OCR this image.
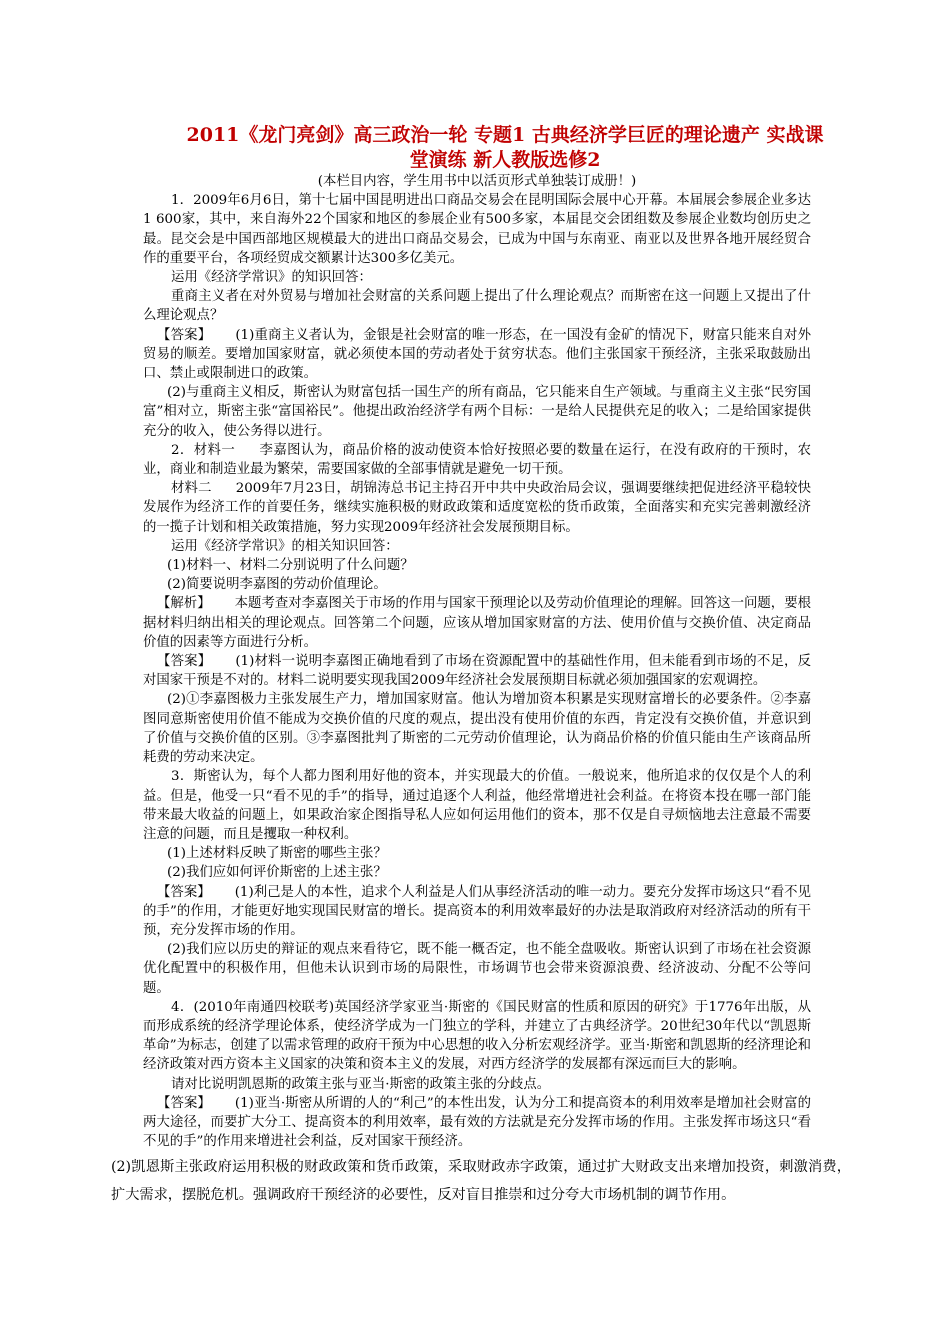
2011《龙门亮剑》高三政治一轮 专题1 古典经济学巨匠的理论遗产 实战课堂演练 新人教版选修2

(本栏目内容，学生用书中以活页形式单独装订成册！)

1．2009年6月6日，第十七届中国昆明进出口商品交易会在昆明国际会展中心开幕。本届展会参展企业多达1 600家，其中，来自海外22个国家和地区的参展企业有500多家，本届昆交会团组数及参展企业数均创历史之最。昆交会是中国西部地区规模最大的进出口商品交易会，已成为中国与东南亚、南亚以及世界各地开展经贸合作的重要平台，各项经贸成交额累计达300多亿美元。

运用《经济学常识》的知识回答：

重商主义者在对外贸易与增加社会财富的关系问题上提出了什么理论观点？而斯密在这一问题上又提出了什么理论观点？

【答案】 (1)重商主义者认为，金银是社会财富的唯一形态，在一国没有金矿的情况下，财富只能来自对外贸易的顺差。要增加国家财富，就必须使本国的劳动者处于贫穷状态。他们主张国家干预经济，主张采取鼓励出口、禁止或限制进口的政策。

(2)与重商主义相反，斯密认为财富包括一国生产的所有商品，它只能来自生产领域。与重商主义主张“民穷国富”相对立，斯密主张“富国裕民”。他提出政治经济学有两个目标：一是给人民提供充足的收入；二是给国家提供充分的收入，使公务得以进行。

2．材料一 李嘉图认为，商品价格的波动使资本恰好按照必要的数量在运行，在没有政府的干预时，农业，商业和制造业最为繁荣，需要国家做的全部事情就是避免一切干预。

材料二 2009年7月23日，胡锦涛总书记主持召开中共中央政治局会议，强调要继续把促进经济平稳较快发展作为经济工作的首要任务，继续实施积极的财政政策和适度宽松的货币政策，全面落实和充实完善刺激经济的一揽子计划和相关政策措施，努力实现2009年经济社会发展预期目标。

运用《经济学常识》的相关知识回答：

(1)材料一、材料二分别说明了什么问题？

(2)简要说明李嘉图的劳动价值理论。

【解析】 本题考查对李嘉图关于市场的作用与国家干预理论以及劳动价值理论的理解。回答这一问题，要根据材料归纳出相关的理论观点。回答第二个问题，应该从增加国家财富的方法、使用价值与交换价值、决定商品价值的因素等方面进行分析。

【答案】 (1)材料一说明李嘉图正确地看到了市场在资源配置中的基础性作用，但未能看到市场的不足，反对国家干预是不对的。材料二说明要实现我国2009年经济社会发展预期目标就必须加强国家的宏观调控。

(2)①李嘉图极力主张发展生产力，增加国家财富。他认为增加资本积累是实现财富增长的必要条件。②李嘉图同意斯密使用价值不能成为交换价值的尺度的观点，提出没有使用价值的东西，肯定没有交换价值，并意识到了价值与交换价值的区别。③李嘉图批判了斯密的二元劳动价值理论，认为商品价格的价值只能由生产该商品所耗费的劳动来决定。

3．斯密认为，每个人都力图利用好他的资本，并实现最大的价值。一般说来，他所追求的仅仅是个人的利益。但是，他受一只“看不见的手”的指导，通过追逐个人利益，他经常增进社会利益。在将资本投在哪一部门能带来最大收益的问题上，如果政治家企图指导私人应如何运用他们的资本，那不仅是自寻烦恼地去注意最不需要注意的问题，而且是攫取一种权利。

(1)上述材料反映了斯密的哪些主张？

(2)我们应如何评价斯密的上述主张？

【答案】 (1)利己是人的本性，追求个人利益是人们从事经济活动的唯一动力。要充分发挥市场这只“看不见的手”的作用，才能更好地实现国民财富的增长。提高资本的利用效率最好的办法是取消政府对经济活动的所有干预，充分发挥市场的作用。

(2)我们应以历史的辩证的观点来看待它，既不能一概否定，也不能全盘吸收。斯密认识到了市场在社会资源优化配置中的积极作用，但他未认识到市场的局限性，市场调节也会带来资源浪费、经济波动、分配不公等问题。

4．(2010年南通四校联考)英国经济学家亚当·斯密的《国民财富的性质和原因的研究》于1776年出版，从而形成系统的经济学理论体系，使经济学成为一门独立的学科，并建立了古典经济学。20世纪30年代以“凯恩斯革命”为标志，创建了以需求管理的政府干预为中心思想的收入分析宏观经济学。亚当·斯密和凯恩斯的经济理论和经济政策对西方资本主义国家的决策和资本主义的发展，对西方经济学的发展都有深远而巨大的影响。

请对比说明凯恩斯的政策主张与亚当·斯密的政策主张的分歧点。

【答案】 (1)亚当·斯密从所谓的人的“利己”的本性出发，认为分工和提高资本的利用效率是增加社会财富的两大途径，而要扩大分工、提高资本的利用效率，最有效的方法就是充分发挥市场的作用。主张发挥市场这只“看不见的手”的作用来增进社会利益，反对国家干预经济。

(2)凯恩斯主张政府运用积极的财政政策和货币政策，采取财政赤字政策，通过扩大财政支出来增加投资，刺激消费，扩大需求，摆脱危机。强调政府干预经济的必要性，反对盲目推崇和过分夸大市场机制的调节作用。
